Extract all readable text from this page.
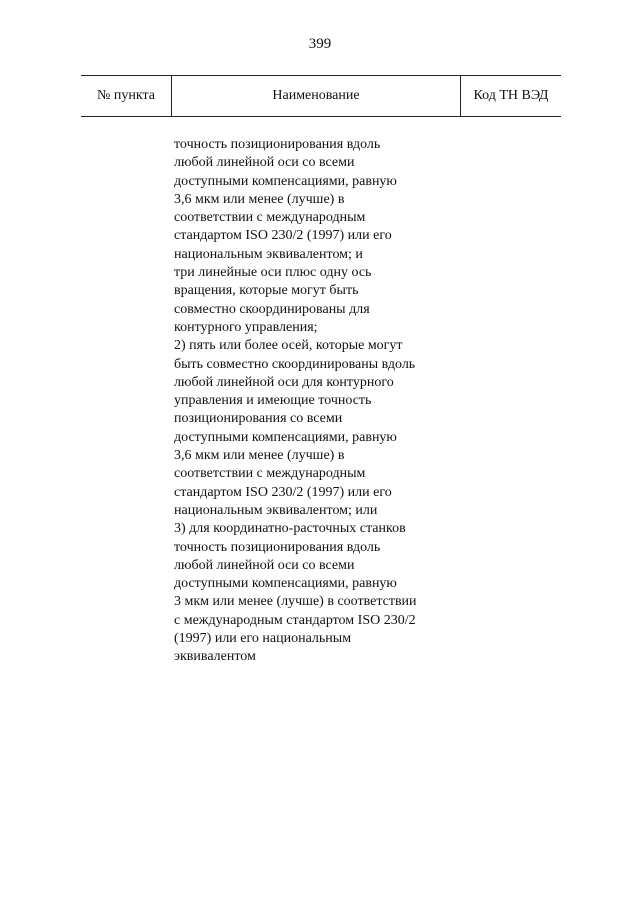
399
№ пункта	Наименование	Код ТН ВЭД
точность позиционирования вдоль
любой линейной оси со всеми
доступными компенсациями, равную
3,6 мкм или менее (лучше) в
соответствии с международным
стандартом ISO 230/2 (1997) или его
национальным эквивалентом; и
три линейные оси плюс одну ось
вращения, которые могут быть
совместно скоординированы для
контурного управления;
2) пять или более осей, которые могут
быть совместно скоординированы вдоль
любой линейной оси для контурного
управления и имеющие точность
позиционирования со всеми
доступными компенсациями, равную
3,6 мкм или менее (лучше) в
соответствии с международным
стандартом ISO 230/2 (1997) или его
национальным эквивалентом; или
3) для координатно-расточных станков
точность позиционирования вдоль
любой линейной оси со всеми
доступными компенсациями, равную
3 мкм или менее (лучше) в соответствии
с международным стандартом ISO 230/2
(1997) или его национальным
эквивалентом
